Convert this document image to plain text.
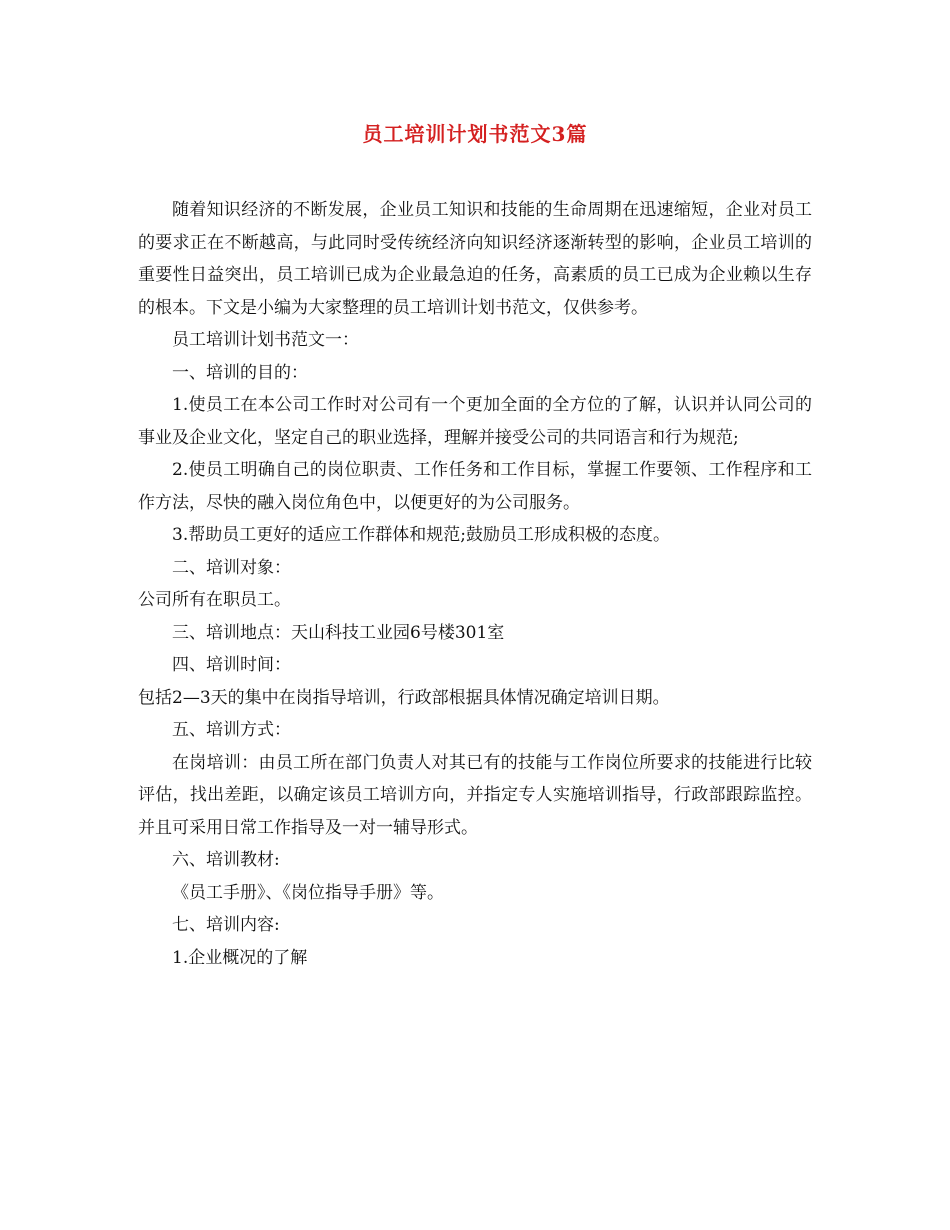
员工培训计划书范文3篇

随着知识经济的不断发展，企业员工知识和技能的生命周期在迅速缩短，企业对员工的要求正在不断越高，与此同时受传统经济向知识经济逐渐转型的影响，企业员工培训的重要性日益突出，员工培训已成为企业最急迫的任务，高素质的员工已成为企业赖以生存的根本。下文是小编为大家整理的员工培训计划书范文，仅供参考。

员工培训计划书范文一：

一、培训的目的：

1.使员工在本公司工作时对公司有一个更加全面的全方位的了解，认识并认同公司的事业及企业文化，坚定自己的职业选择，理解并接受公司的共同语言和行为规范;

2.使员工明确自己的岗位职责、工作任务和工作目标，掌握工作要领、工作程序和工作方法，尽快的融入岗位角色中，以便更好的为公司服务。

3.帮助员工更好的适应工作群体和规范;鼓励员工形成积极的态度。

二、培训对象：

公司所有在职员工。

三、培训地点：天山科技工业园6号楼301室

四、培训时间：

包括2—3天的集中在岗指导培训，行政部根据具体情况确定培训日期。

五、培训方式：

在岗培训：由员工所在部门负责人对其已有的技能与工作岗位所要求的技能进行比较评估，找出差距，以确定该员工培训方向，并指定专人实施培训指导，行政部跟踪监控。并且可采用日常工作指导及一对一辅导形式。

六、培训教材:

《员工手册》、《岗位指导手册》等。

七、培训内容:

1.企业概况的了解
